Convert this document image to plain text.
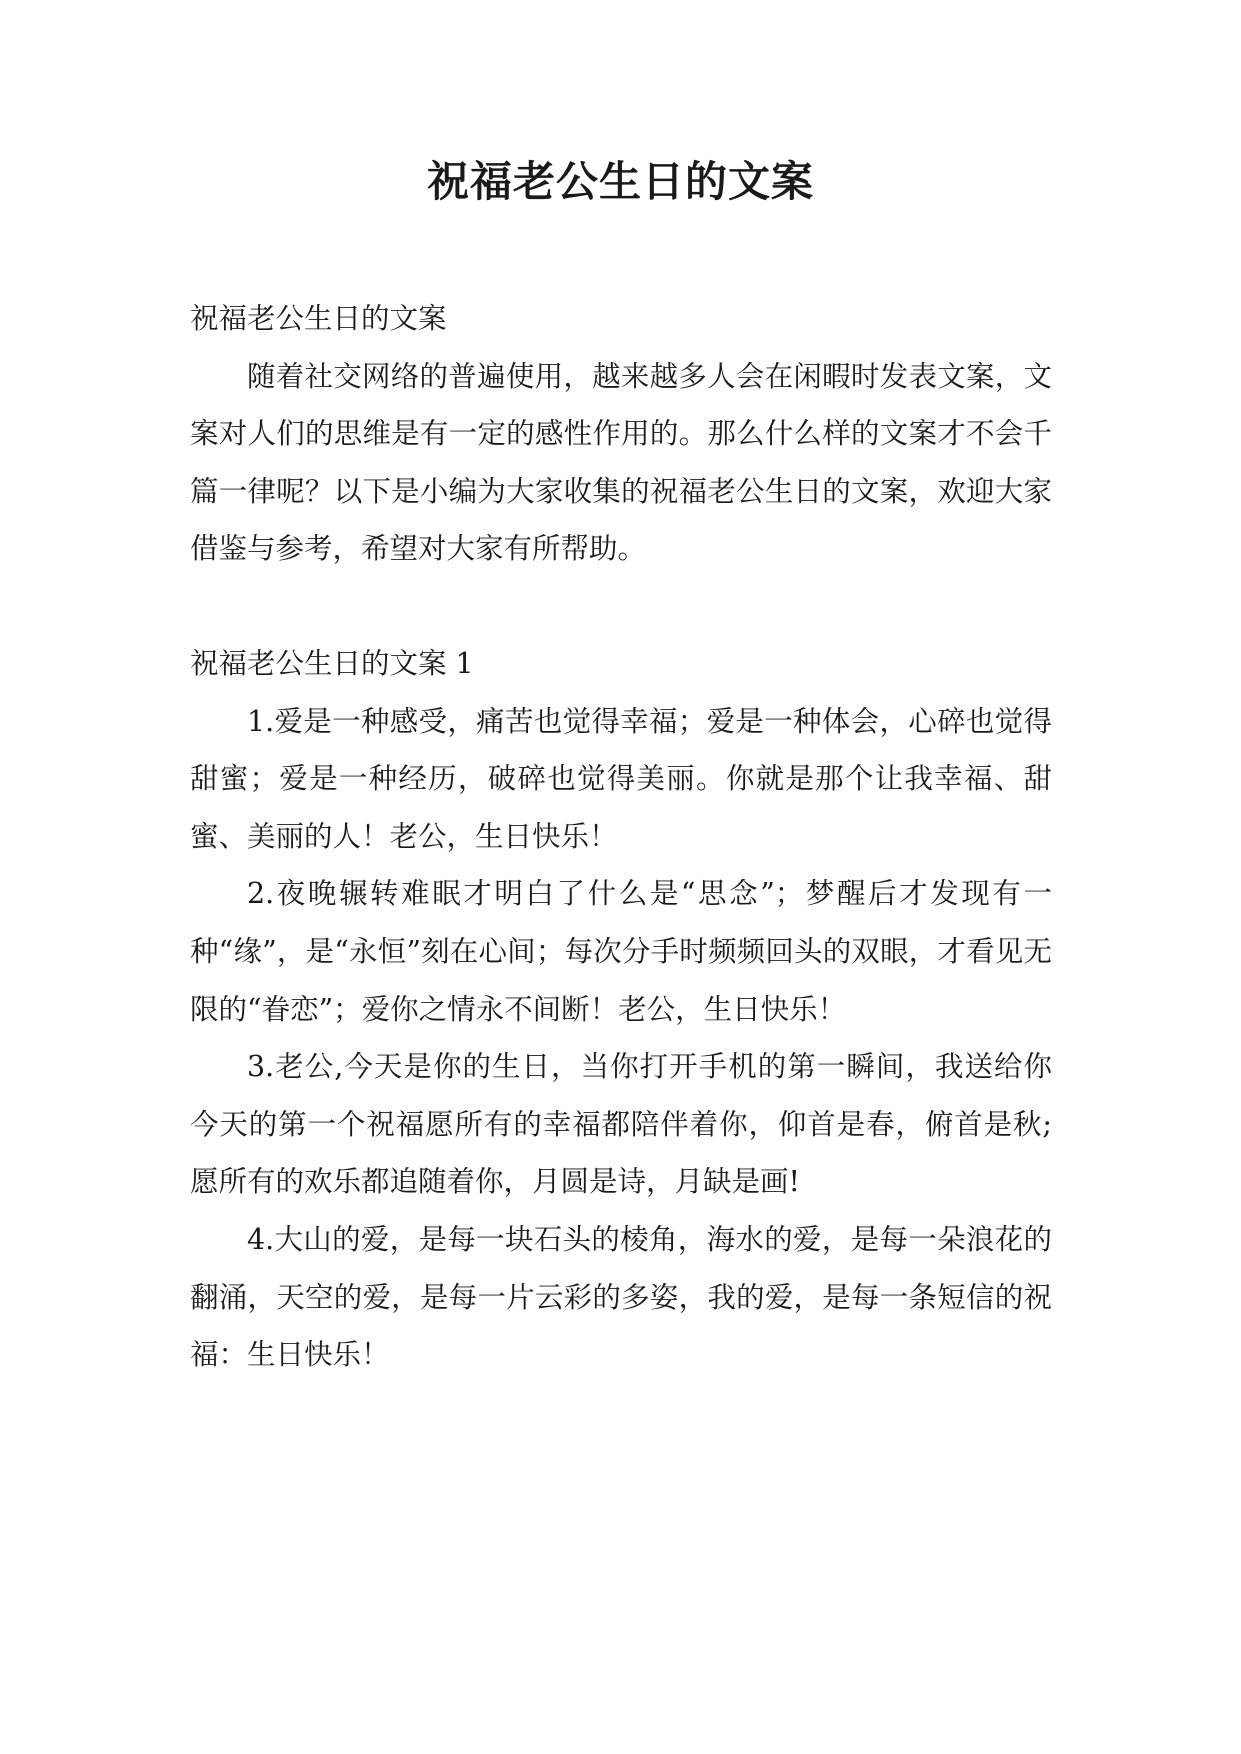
祝福老公生日的文案

祝福老公生日的文案

随着社交网络的普遍使用，越来越多人会在闲暇时发表文案，文案对人们的思维是有一定的感性作用的。那么什么样的文案才不会千篇一律呢？以下是小编为大家收集的祝福老公生日的文案，欢迎大家借鉴与参考，希望对大家有所帮助。

祝福老公生日的文案 1

1.爱是一种感受，痛苦也觉得幸福；爱是一种体会，心碎也觉得甜蜜；爱是一种经历，破碎也觉得美丽。你就是那个让我幸福、甜蜜、美丽的人！老公，生日快乐！

2.夜晚辗转难眠才明白了什么是“思念”；梦醒后才发现有一种“缘”，是“永恒”刻在心间；每次分手时频频回头的双眼，才看见无限的“眷恋”；爱你之情永不间断！老公，生日快乐！

3.老公,今天是你的生日，当你打开手机的第一瞬间，我送给你今天的第一个祝福愿所有的幸福都陪伴着你，仰首是春，俯首是秋;愿所有的欢乐都追随着你，月圆是诗，月缺是画!

4.大山的爱，是每一块石头的棱角，海水的爱，是每一朵浪花的翻涌，天空的爱，是每一片云彩的多姿，我的爱，是每一条短信的祝福：生日快乐！
